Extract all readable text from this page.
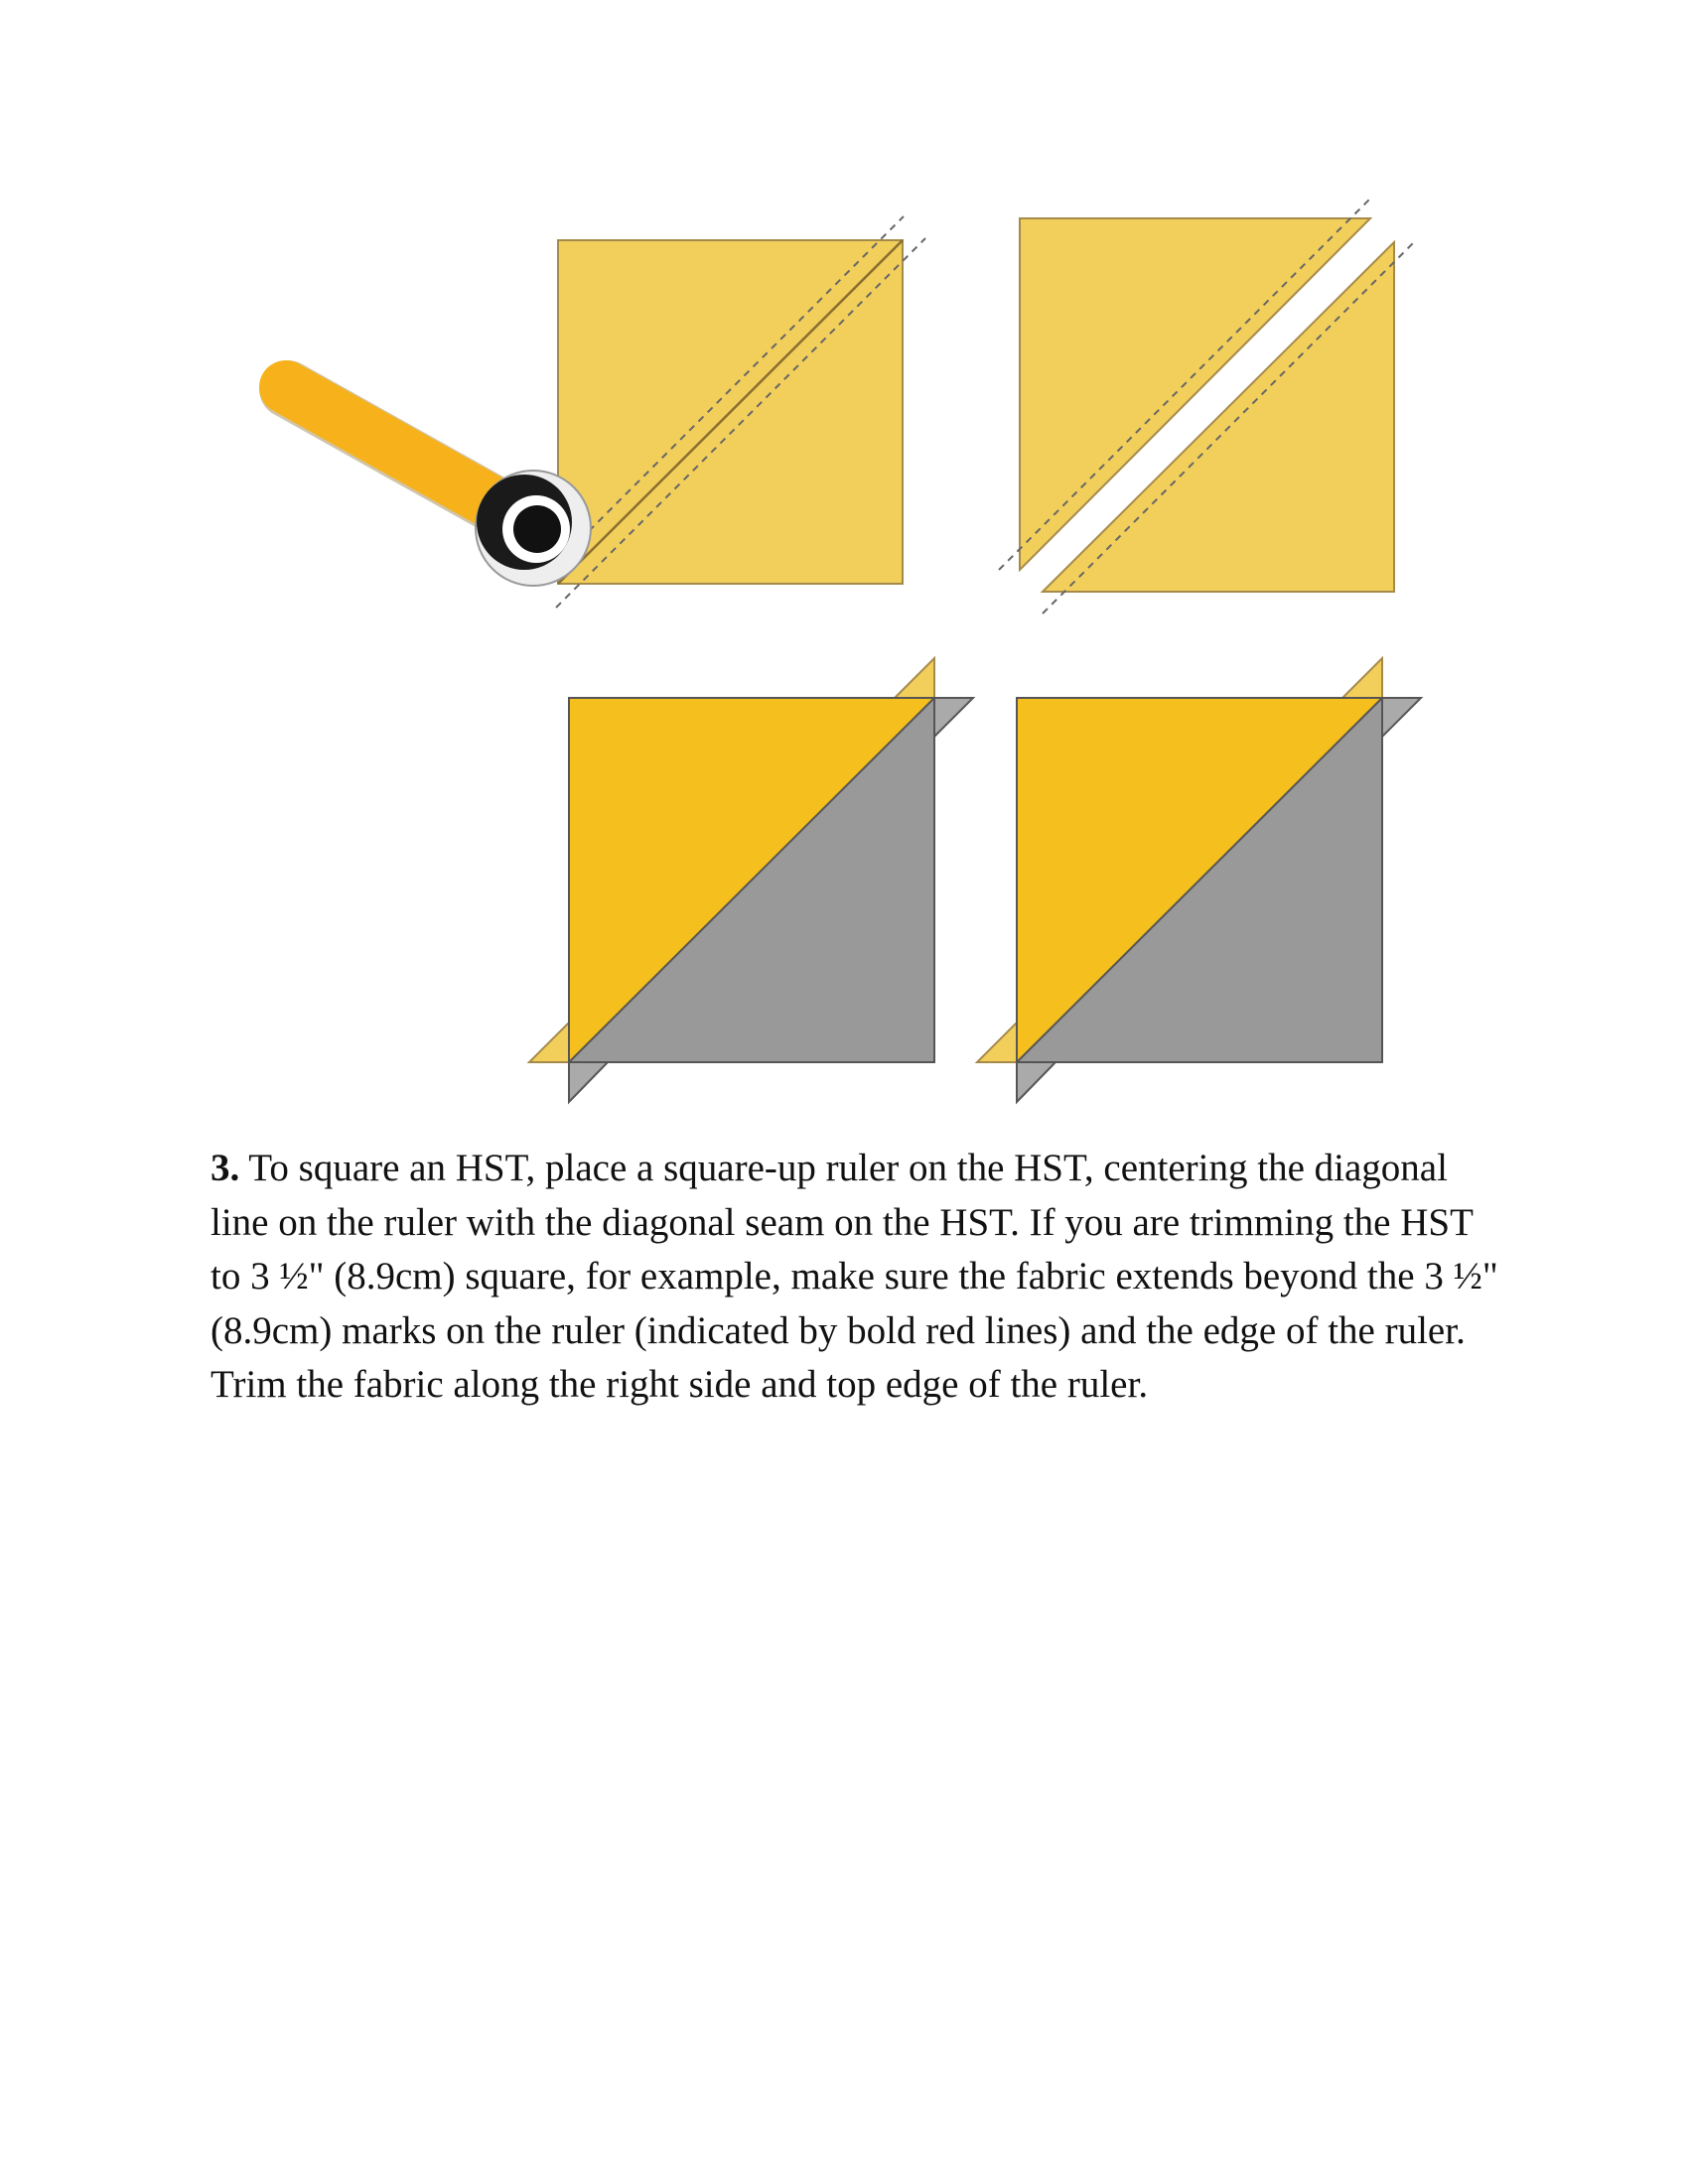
3. To square an HST, place a square-up ruler on the HST, centering the diagonal line on the ruler with the diagonal seam on the HST. If you are trimming the HST to 3 ½" (8.9cm) square, for example, make sure the fabric extends beyond the 3 ½" (8.9cm) marks on the ruler (indicated by bold red lines) and the edge of the ruler. Trim the fabric along the right side and top edge of the ruler.
